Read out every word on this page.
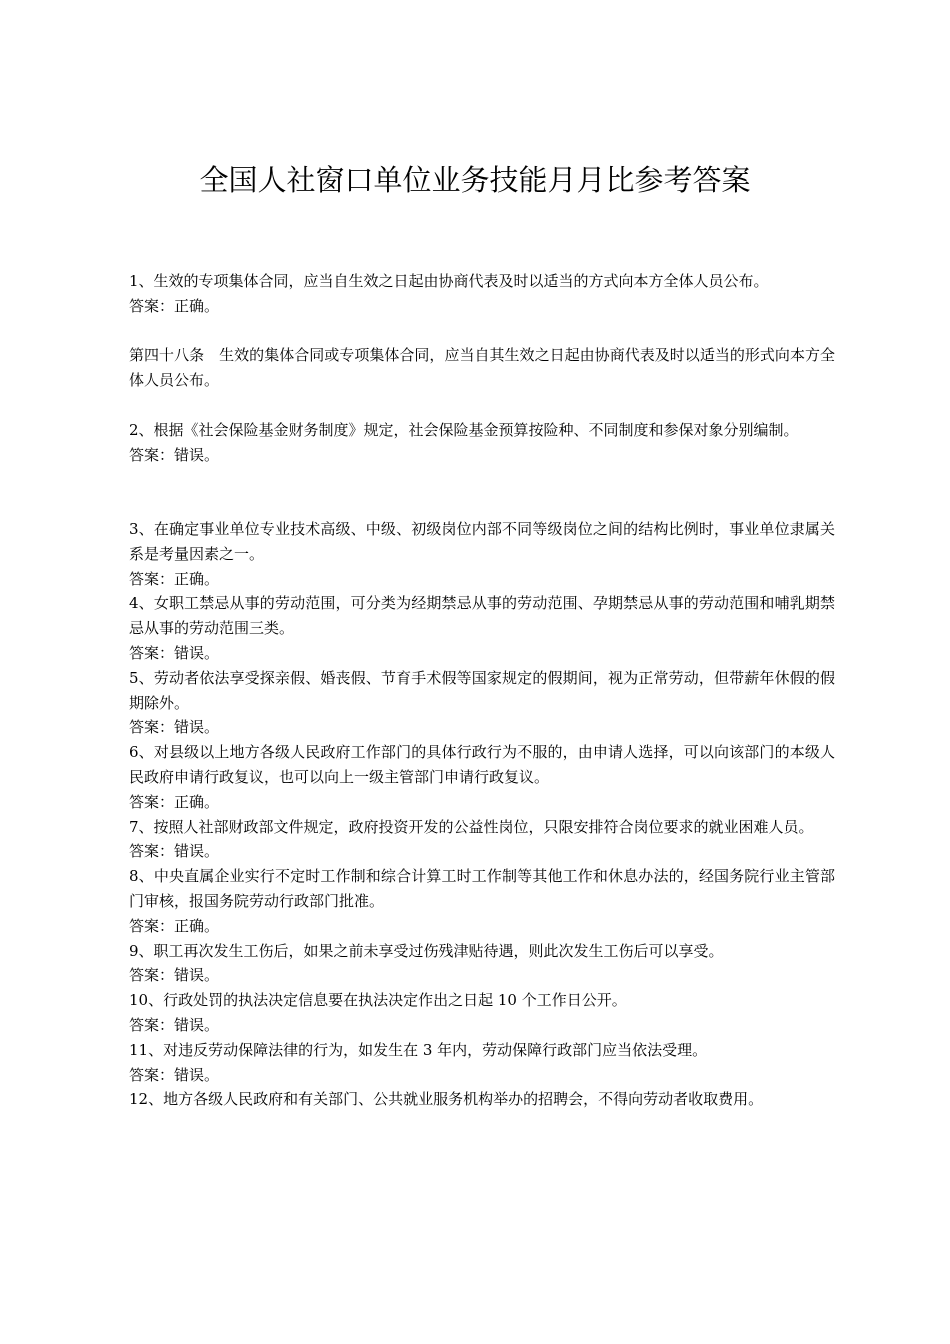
全国人社窗口单位业务技能月月比参考答案

1、生效的专项集体合同，应当自生效之日起由协商代表及时以适当的方式向本方全体人员公布。

答案：正确。

第四十八条　生效的集体合同或专项集体合同，应当自其生效之日起由协商代表及时以适当的形式向本方全体人员公布。

2、根据《社会保险基金财务制度》规定，社会保险基金预算按险种、不同制度和参保对象分别编制。

答案：错误。

3、在确定事业单位专业技术高级、中级、初级岗位内部不同等级岗位之间的结构比例时，事业单位隶属关系是考量因素之一。

答案：正确。

4、女职工禁忌从事的劳动范围，可分类为经期禁忌从事的劳动范围、孕期禁忌从事的劳动范围和哺乳期禁忌从事的劳动范围三类。

答案：错误。

5、劳动者依法享受探亲假、婚丧假、节育手术假等国家规定的假期间，视为正常劳动，但带薪年休假的假期除外。

答案：错误。

6、对县级以上地方各级人民政府工作部门的具体行政行为不服的，由申请人选择，可以向该部门的本级人民政府申请行政复议，也可以向上一级主管部门申请行政复议。

答案：正确。

7、按照人社部财政部文件规定，政府投资开发的公益性岗位，只限安排符合岗位要求的就业困难人员。

答案：错误。

8、中央直属企业实行不定时工作制和综合计算工时工作制等其他工作和休息办法的，经国务院行业主管部门审核，报国务院劳动行政部门批准。

答案：正确。

9、职工再次发生工伤后，如果之前未享受过伤残津贴待遇，则此次发生工伤后可以享受。

答案：错误。

10、行政处罚的执法决定信息要在执法决定作出之日起 10 个工作日公开。

答案：错误。

11、对违反劳动保障法律的行为，如发生在 3 年内，劳动保障行政部门应当依法受理。

答案：错误。

12、地方各级人民政府和有关部门、公共就业服务机构举办的招聘会，不得向劳动者收取费用。
